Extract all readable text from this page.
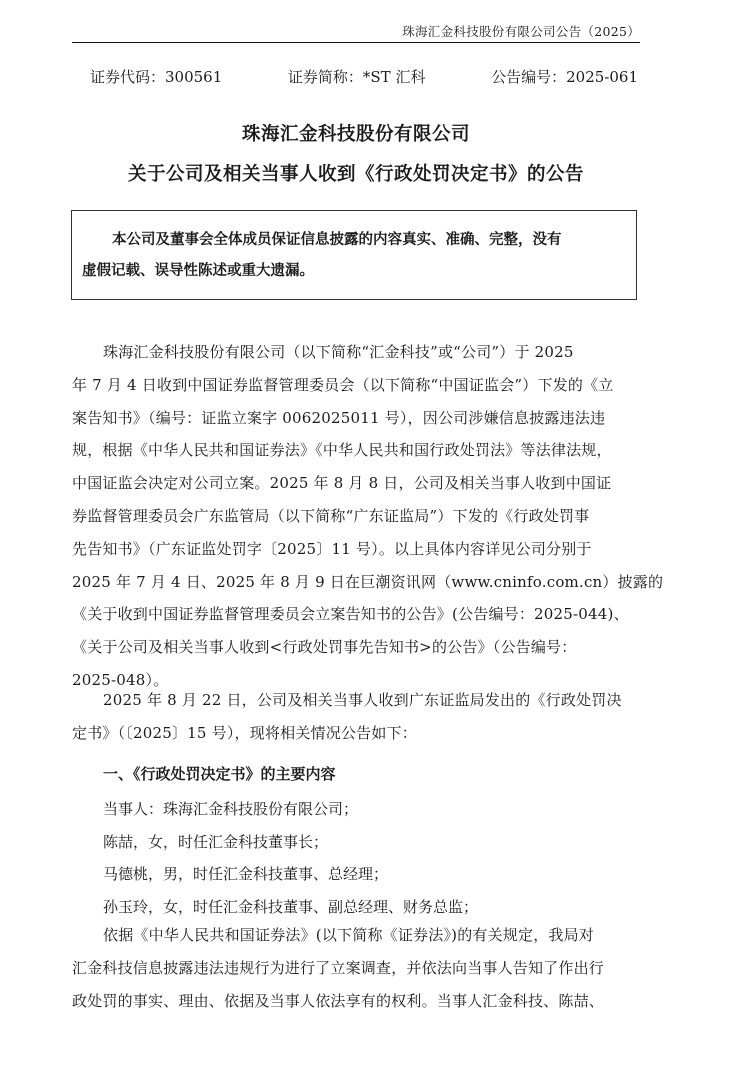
珠海汇金科技股份有限公司公告（2025）
证券代码：300561	证券简称：*ST 汇科	公告编号：2025-061
珠海汇金科技股份有限公司
关于公司及相关当事人收到《行政处罚决定书》的公告
本公司及董事会全体成员保证信息披露的内容真实、准确、完整，没有
虚假记载、误导性陈述或重大遗漏。
珠海汇金科技股份有限公司（以下简称“汇金科技”或“公司”）于 2025
年 7 月 4 日收到中国证券监督管理委员会（以下简称“中国证监会”）下发的《立
案告知书》（编号：证监立案字 0062025011 号），因公司涉嫌信息披露违法违
规，根据《中华人民共和国证券法》《中华人民共和国行政处罚法》等法律法规，
中国证监会决定对公司立案。2025 年 8 月 8 日，公司及相关当事人收到中国证
券监督管理委员会广东监管局（以下简称“广东证监局”）下发的《行政处罚事
先告知书》（广东证监处罚字〔2025〕11 号）。以上具体内容详见公司分别于
2025 年 7 月 4 日、2025 年 8 月 9 日在巨潮资讯网（www.cninfo.com.cn）披露的
《关于收到中国证券监督管理委员会立案告知书的公告》(公告编号：2025-044)、
《关于公司及相关当事人收到<行政处罚事先告知书>的公告》（公告编号：
2025-048）。
2025 年 8 月 22 日，公司及相关当事人收到广东证监局发出的《行政处罚决
定书》（〔2025〕15 号），现将相关情况公告如下：
一、《行政处罚决定书》的主要内容
当事人：珠海汇金科技股份有限公司；
陈喆，女，时任汇金科技董事长；
马德桃，男，时任汇金科技董事、总经理；
孙玉玲，女，时任汇金科技董事、副总经理、财务总监；
依据《中华人民共和国证券法》(以下简称《证券法》)的有关规定，我局对
汇金科技信息披露违法违规行为进行了立案调查，并依法向当事人告知了作出行
政处罚的事实、理由、依据及当事人依法享有的权利。当事人汇金科技、陈喆、
